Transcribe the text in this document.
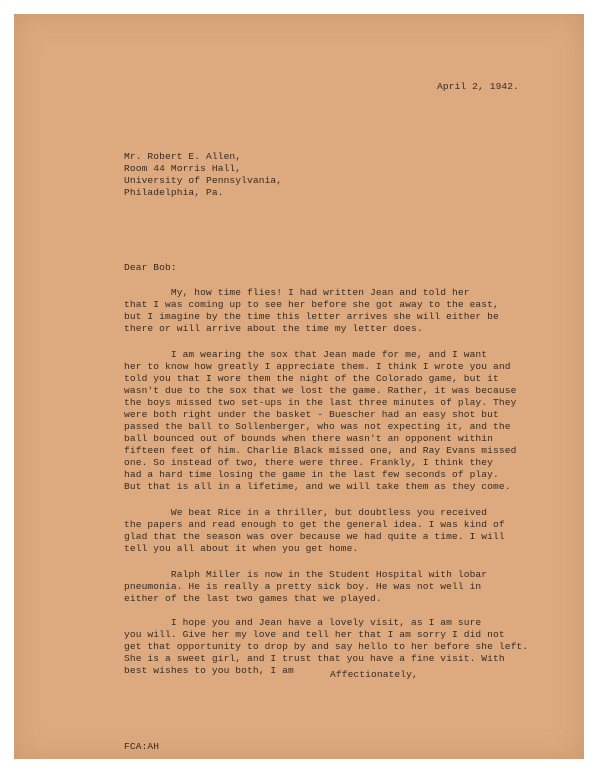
April 2, 1942.
Mr. Robert E. Allen,
Room 44 Morris Hall,
University of Pennsylvania,
Philadelphia, Pa.
Dear Bob:
My, how time flies! I had written Jean and told her
that I was coming up to see her before she got away to the east,
but I imagine by the time this letter arrives she will either be
there or will arrive about the time my letter does.
I am wearing the sox that Jean made for me, and I want
her to know how greatly I appreciate them. I think I wrote you and
told you that I wore them the night of the Colorado game, but it
wasn't due to the sox that we lost the game. Rather, it was because
the boys missed two set-ups in the last three minutes of play. They
were both right under the basket - Buescher had an easy shot but
passed the ball to Sollenberger, who was not expecting it, and the
ball bounced out of bounds when there wasn't an opponent within
fifteen feet of him. Charlie Black missed one, and Ray Evans missed
one. So instead of two, there were three. Frankly, I think they
had a hard time losing the game in the last few seconds of play.
But that is all in a lifetime, and we will take them as they come.
We beat Rice in a thriller, but doubtless you received
the papers and read enough to get the general idea. I was kind of
glad that the season was over because we had quite a time. I will
tell you all about it when you get home.
Ralph Miller is now in the Student Hospital with lobar
pneumonia. He is really a pretty sick boy. He was not well in
either of the last two games that we played.
I hope you and Jean have a lovely visit, as I am sure
you will. Give her my love and tell her that I am sorry I did not
get that opportunity to drop by and say hello to her before she left.
She is a sweet girl, and I trust that you have a fine visit. With
best wishes to you both, I am	Affectionately,
FCA:AH
